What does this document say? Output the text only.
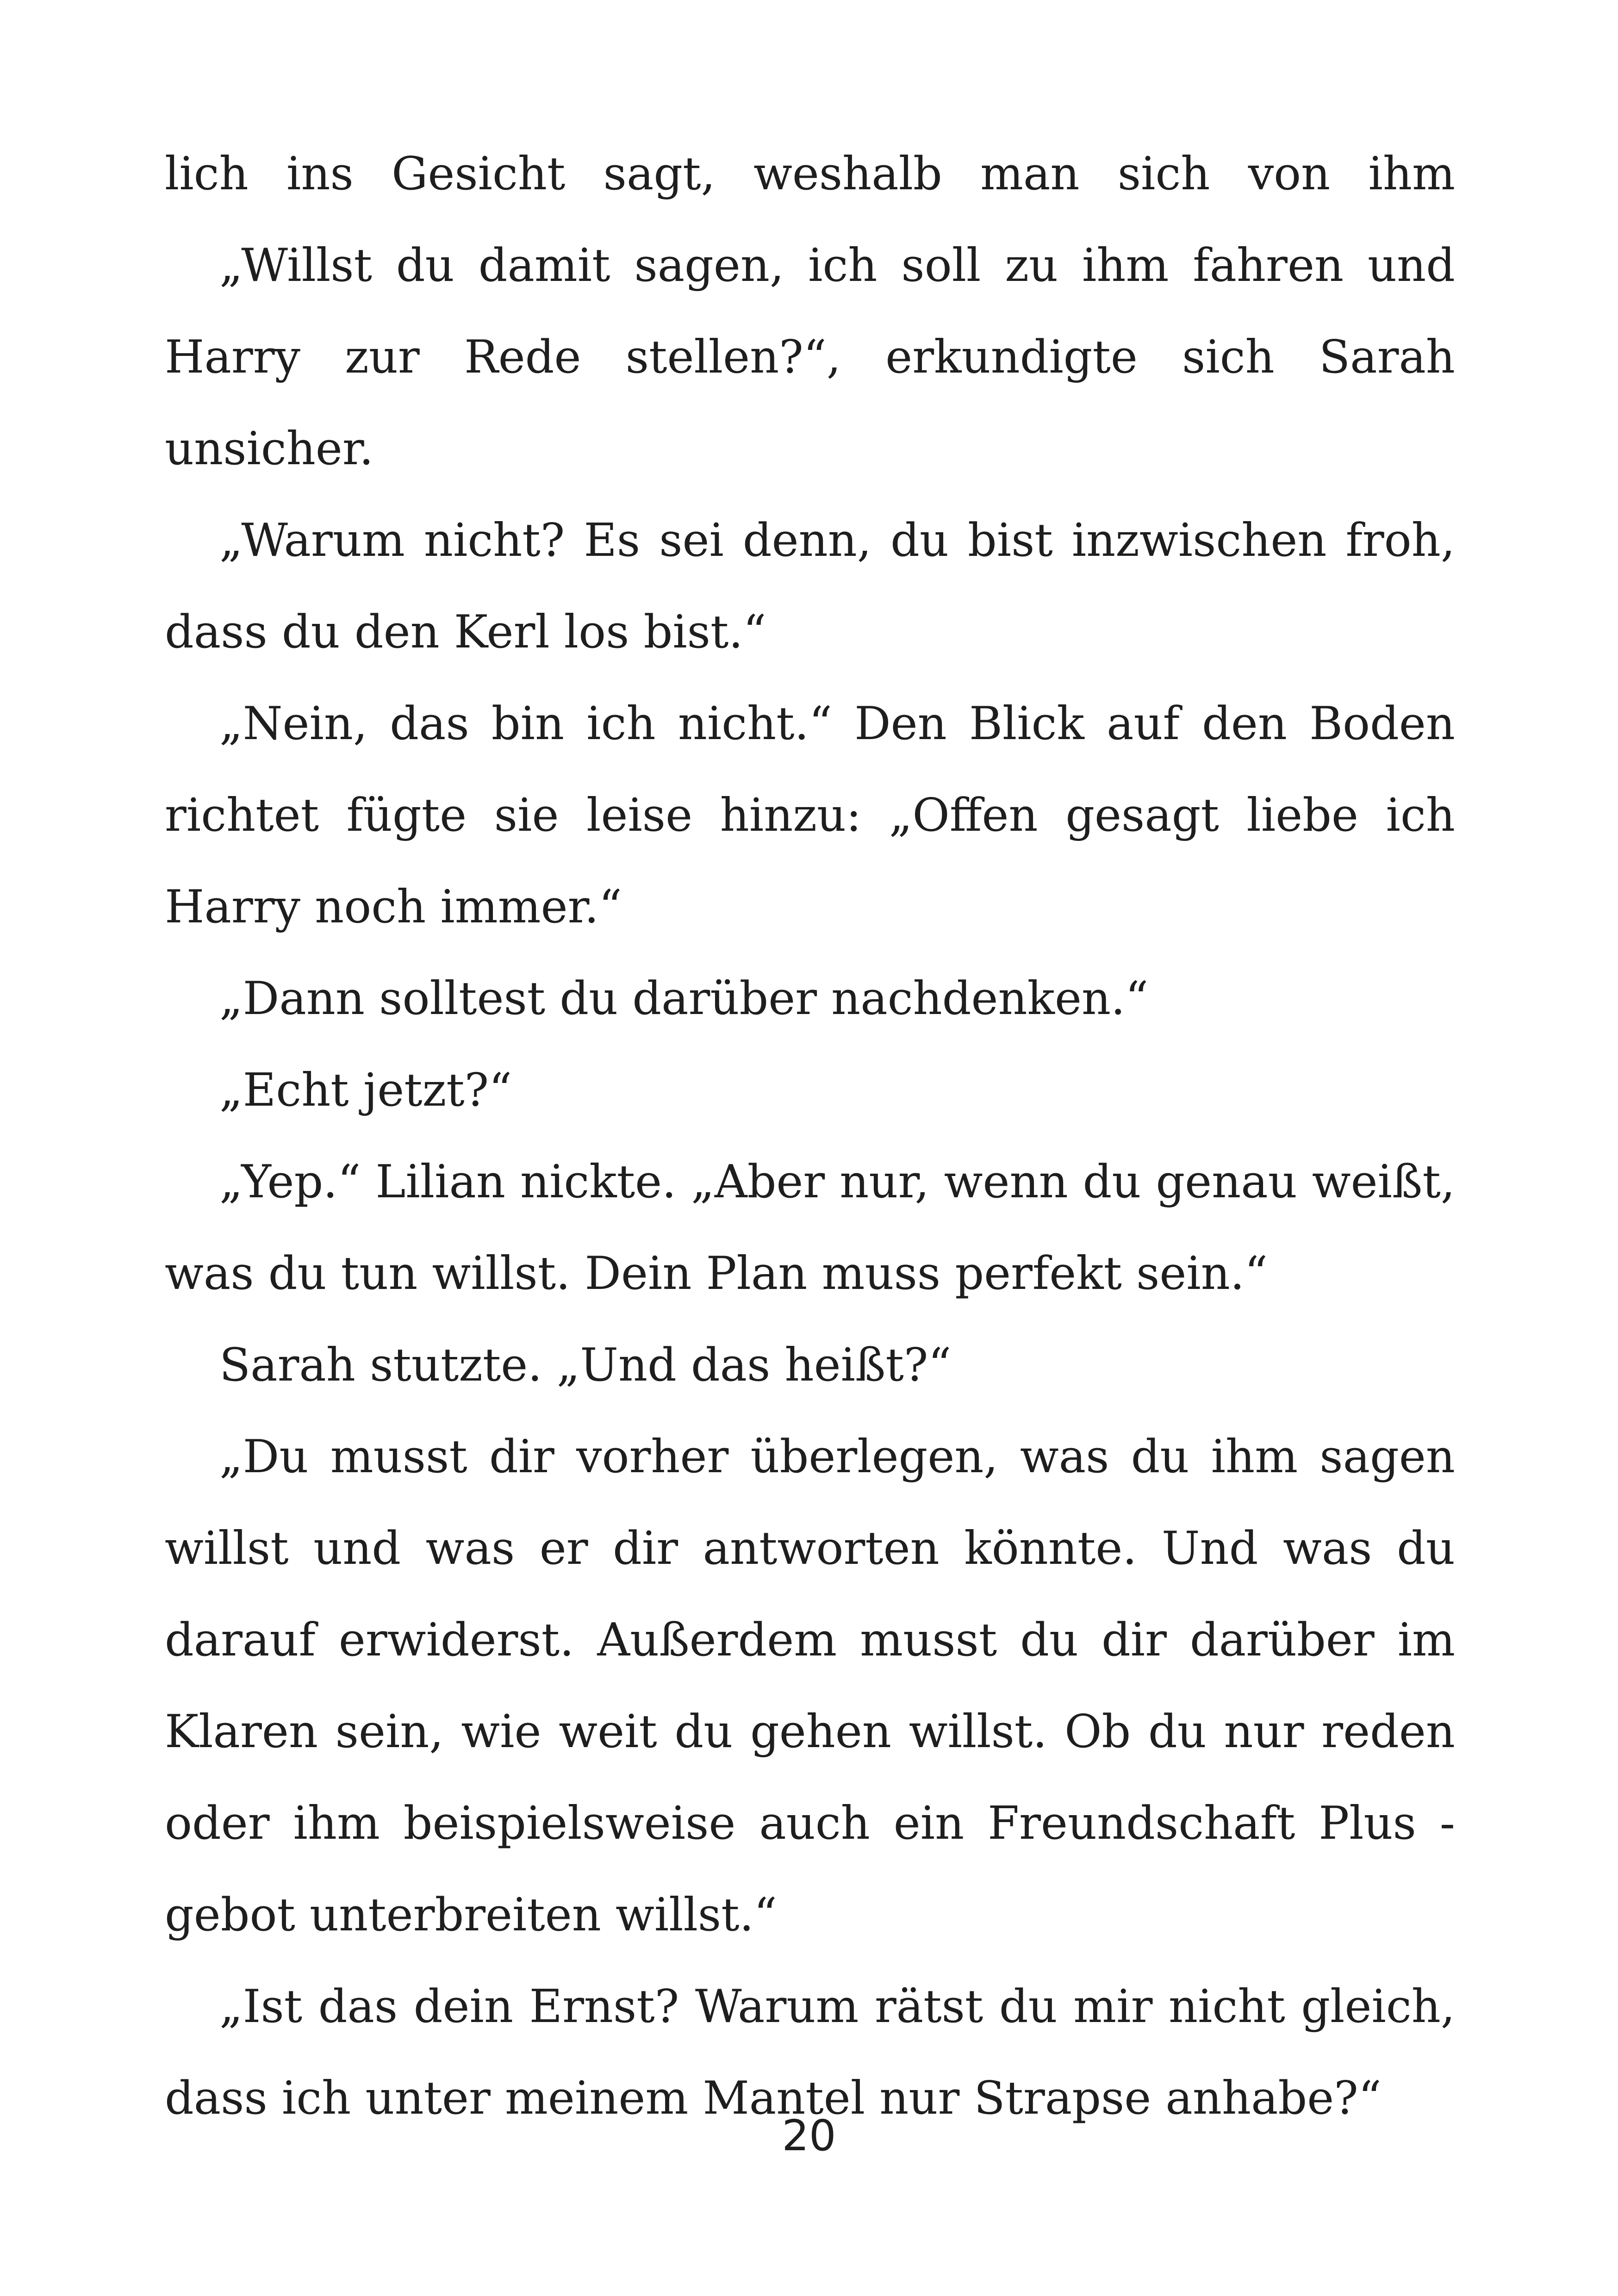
lich ins Gesicht sagt, weshalb man sich von ihm
„Willst du damit sagen, ich soll zu ihm fahren und
Harry zur Rede stellen?“, erkundigte sich Sarah
unsicher.
„Warum nicht? Es sei denn, du bist inzwischen froh,
dass du den Kerl los bist.“
„Nein, das bin ich nicht.“ Den Blick auf den Boden
richtet fügte sie leise hinzu: „Offen gesagt liebe ich
Harry noch immer.“
„Dann solltest du darüber nachdenken.“
„Echt jetzt?“
„Yep.“ Lilian nickte. „Aber nur, wenn du genau weißt,
was du tun willst. Dein Plan muss perfekt sein.“
Sarah stutzte. „Und das heißt?“
„Du musst dir vorher überlegen, was du ihm sagen
willst und was er dir antworten könnte. Und was du
darauf erwiderst. Außerdem musst du dir darüber im
Klaren sein, wie weit du gehen willst. Ob du nur reden
oder ihm beispielsweise auch ein Freundschaft Plus -
gebot unterbreiten willst.“
„Ist das dein Ernst? Warum rätst du mir nicht gleich,
dass ich unter meinem Mantel nur Strapse anhabe?“
20
